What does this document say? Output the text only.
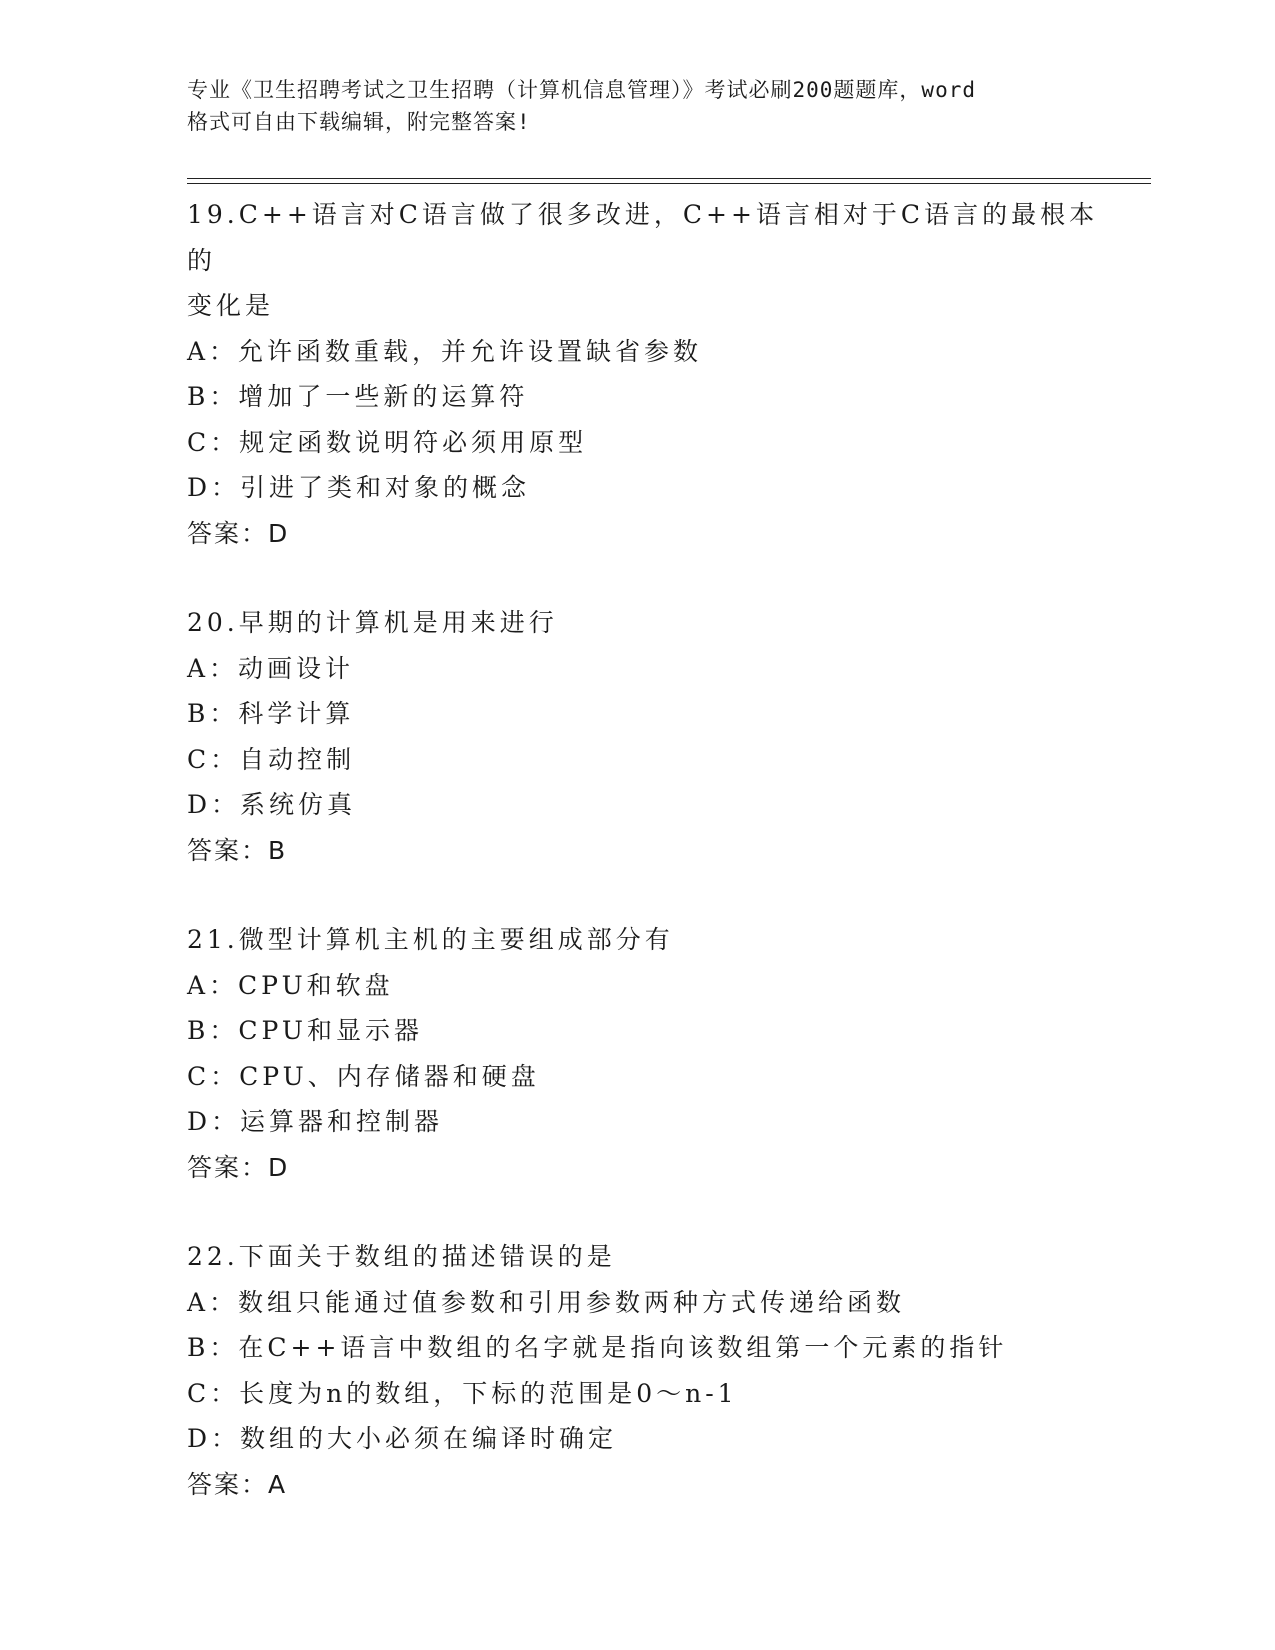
专业《卫生招聘考试之卫生招聘（计算机信息管理）》考试必刷200题题库，word
格式可自由下载编辑，附完整答案!

19.C++语言对C语言做了很多改进，C++语言相对于C语言的最根本的

变化是

A：允许函数重载，并允许设置缺省参数

B：增加了一些新的运算符

C：规定函数说明符必须用原型

D：引进了类和对象的概念

答案：D

20.早期的计算机是用来进行

A：动画设计

B：科学计算

C：自动控制

D：系统仿真

答案：B

21.微型计算机主机的主要组成部分有

A：CPU和软盘

B：CPU和显示器

C：CPU、内存储器和硬盘

D：运算器和控制器

答案：D

22.下面关于数组的描述错误的是

A：数组只能通过值参数和引用参数两种方式传递给函数

B：在C++语言中数组的名字就是指向该数组第一个元素的指针

C：长度为n的数组，下标的范围是0～n-1

D：数组的大小必须在编译时确定

答案：A
